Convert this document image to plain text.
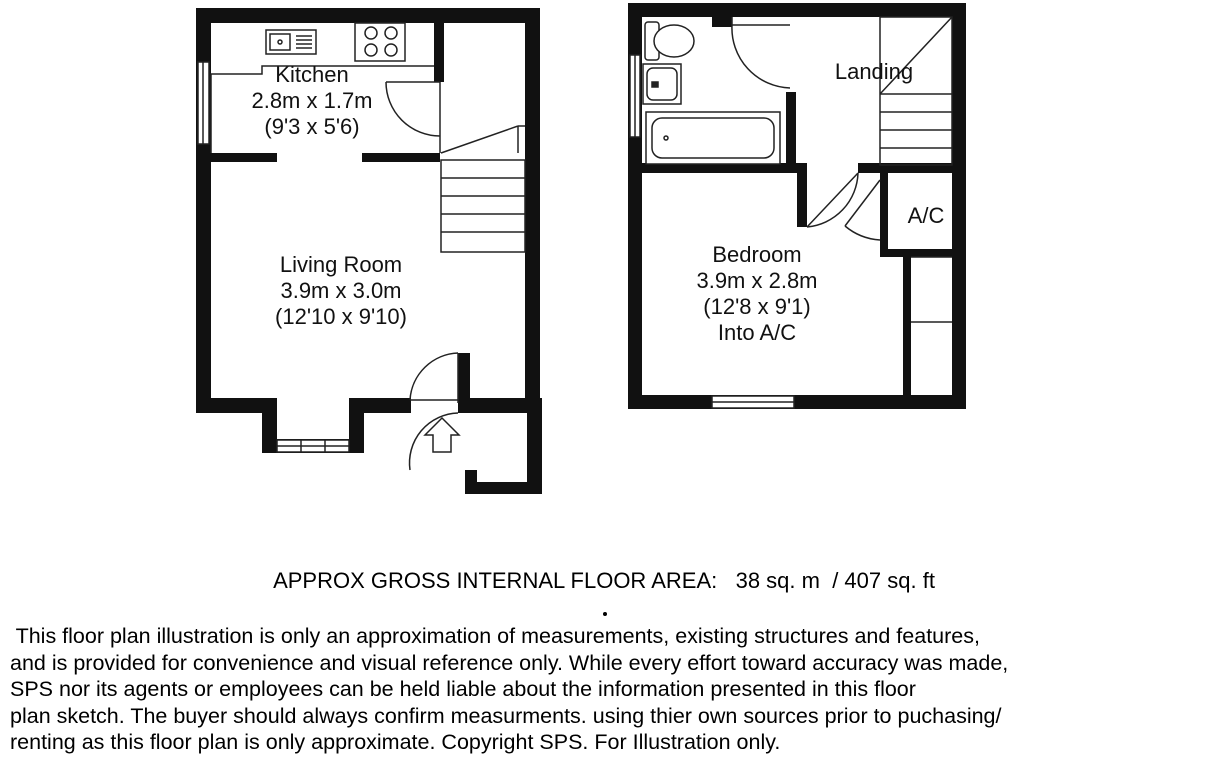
Kitchen
2.8m x 1.7m
(9'3 x 5'6)
Living Room
3.9m x 3.0m
(12'10 x 9'10)
Landing
A/C
Bedroom
3.9m x 2.8m
(12'8 x 9'1)
Into A/C
APPROX GROSS INTERNAL FLOOR AREA: 38 sq. m / 407 sq. ft
This floor plan illustration is only an approximation of measurements, existing structures and features,
and is provided for convenience and visual reference only. While every effort toward accuracy was made,
SPS nor its agents or employees can be held liable about the information presented in this floor
plan sketch. The buyer should always confirm measurments. using thier own sources prior to puchasing/
renting as this floor plan is only approximate. Copyright SPS. For Illustration only.
